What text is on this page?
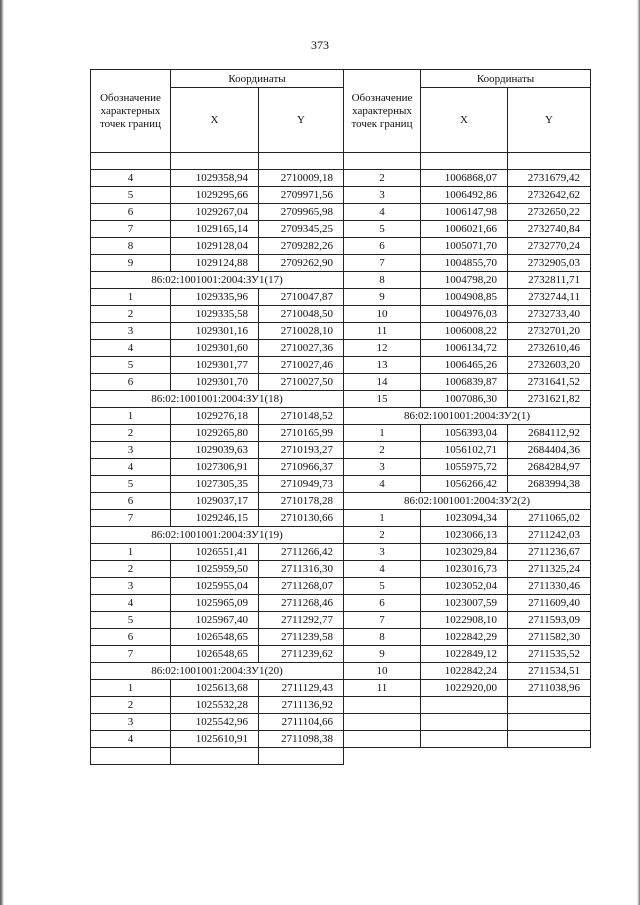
373
Обозначение характерных точек границ	Координаты	
	X	Y

4	1029358,94	2710009,18
5	1029295,66	2709971,56
6	1029267,04	2709965,98
7	1029165,14	2709345,25
8	1029128,04	2709282,26
9	1029124,88	2709262,90
86:02:1001001:2004:ЗУ1(17)		
1	1029335,96	2710047,87
2	1029335,58	2710048,50
3	1029301,16	2710028,10
4	1029301,60	2710027,36
5	1029301,77	2710027,46
6	1029301,70	2710027,50
86:02:1001001:2004:ЗУ1(18)		
1	1029276,18	2710148,52
2	1029265,80	2710165,99
3	1029039,63	2710193,27
4	1027306,91	2710966,37
5	1027305,35	2710949,73
6	1029037,17	2710178,28
7	1029246,15	2710130,66
86:02:1001001:2004:ЗУ1(19)		
1	1026551,41	2711266,42
2	1025959,50	2711316,30
3	1025955,04	2711268,07
4	1025965,09	2711268,46
5	1025967,40	2711292,77
6	1026548,65	2711239,58
7	1026548,65	2711239,62
86:02:1001001:2004:ЗУ1(20)		
1	1025613,68	2711129,43
2	1025532,28	2711136,92
3	1025542,96	2711104,66
4	1025610,91	2711098,38

Обозначение характерных точек границ	Координаты	
	X	Y

2	1006868,07	2731679,42
3	1006492,86	2732642,62
4	1006147,98	2732650,22
5	1006021,66	2732740,84
6	1005071,70	2732770,24
7	1004855,70	2732905,03
8	1004798,20	2732811,71
9	1004908,85	2732744,11
10	1004976,03	2732733,40
11	1006008,22	2732701,20
12	1006134,72	2732610,46
13	1006465,26	2732603,20
14	1006839,87	2731641,52
15	1007086,30	2731621,82
86:02:1001001:2004:ЗУ2(1)		
1	1056393,04	2684112,92
2	1056102,71	2684404,36
3	1055975,72	2684284,97
4	1056266,42	2683994,38
86:02:1001001:2004:ЗУ2(2)		
1	1023094,34	2711065,02
2	1023066,13	2711242,03
3	1023029,84	2711236,67
4	1023016,73	2711325,24
5	1023052,04	2711330,46
6	1023007,59	2711609,40
7	1022908,10	2711593,09
8	1022842,29	2711582,30
9	1022849,12	2711535,52
10	1022842,24	2711534,51
11	1022920,00	2711038,96
